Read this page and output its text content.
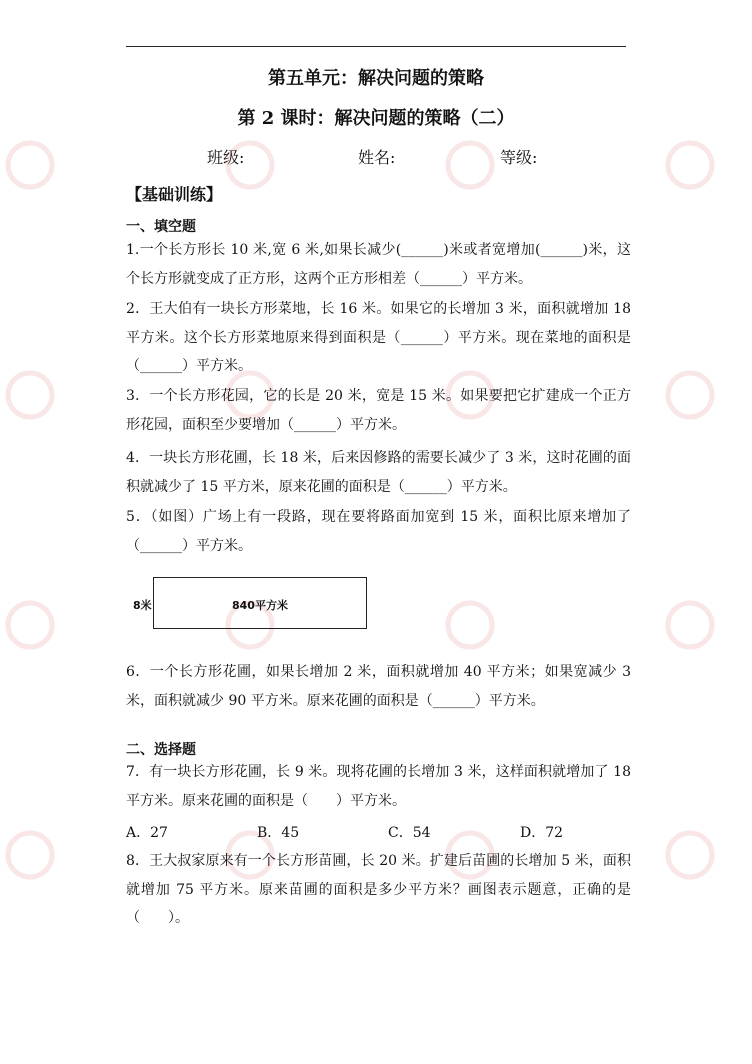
第五单元：解决问题的策略
第 2 课时：解决问题的策略（二）
班级:	姓名:	等级:
【基础训练】
一、填空题
1.一个长方形长 10 米,宽 6 米,如果长减少(______)米或者宽增加(______)米，这个长方形就变成了正方形，这两个正方形相差（______）平方米。
2．王大伯有一块长方形菜地，长 16 米。如果它的长增加 3 米，面积就增加 18 平方米。这个长方形菜地原来得到面积是（______）平方米。现在菜地的面积是（______）平方米。
3．一个长方形花园，它的长是 20 米，宽是 15 米。如果要把它扩建成一个正方形花园，面积至少要增加（______）平方米。
4．一块长方形花圃，长 18 米，后来因修路的需要长减少了 3 米，这时花圃的面积就减少了 15 平方米，原来花圃的面积是（______）平方米。
5．（如图）广场上有一段路，现在要将路面加宽到 15 米，面积比原来增加了（______）平方米。
8米	840平方米
6．一个长方形花圃，如果长增加 2 米，面积就增加 40 平方米；如果宽减少 3 米，面积就减少 90 平方米。原来花圃的面积是（______）平方米。
二、选择题
7．有一块长方形花圃，长 9 米。现将花圃的长增加 3 米，这样面积就增加了 18 平方米。原来花圃的面积是（　　）平方米。
A．27	B．45	C．54	D．72
8．王大叔家原来有一个长方形苗圃，长 20 米。扩建后苗圃的长增加 5 米，面积就增加 75 平方米。原来苗圃的面积是多少平方米？画图表示题意，正确的是（　　）。
